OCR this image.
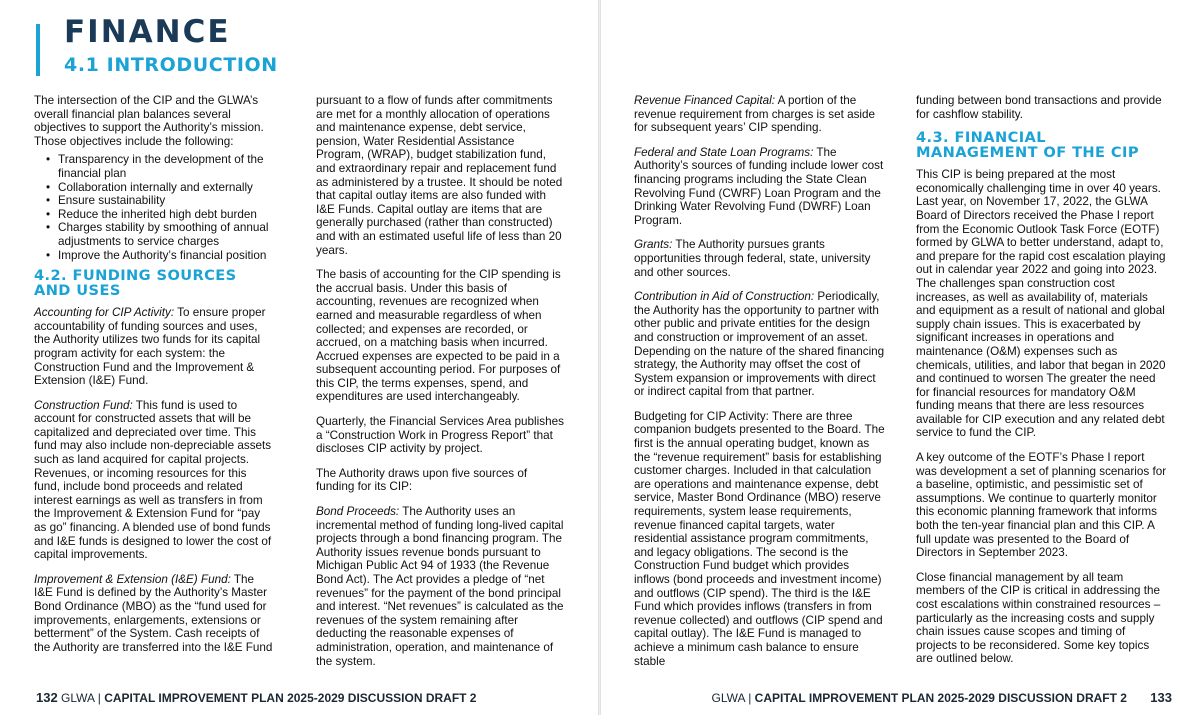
FINANCE
4.1 INTRODUCTION

The intersection of the CIP and the GLWA’s overall financial plan balances several objectives to support the Authority’s mission. Those objectives include the following:

• Transparency in the development of the financial plan
• Collaboration internally and externally
• Ensure sustainability
• Reduce the inherited high debt burden
• Charges stability by smoothing of annual adjustments to service charges
• Improve the Authority’s financial position
4.2. FUNDING SOURCES AND USES

Accounting for CIP Activity: To ensure proper accountability of funding sources and uses, the Authority utilizes two funds for its capital program activity for each system: the Construction Fund and the Improvement & Extension (I&E) Fund.

Construction Fund: This fund is used to account for constructed assets that will be capitalized and depreciated over time. This fund may also include non-depreciable assets such as land acquired for capital projects. Revenues, or incoming resources for this fund, include bond proceeds and related interest earnings as well as transfers in from the Improvement & Extension Fund for “pay as go” financing. A blended use of bond funds and I&E funds is designed to lower the cost of capital improvements.

Improvement & Extension (I&E) Fund: The I&E Fund is defined by the Authority’s Master Bond Ordinance (MBO) as the “fund used for improvements, enlargements, extensions or betterment” of the System. Cash receipts of the Authority are transferred into the I&E Fund

pursuant to a flow of funds after commitments are met for a monthly allocation of operations and maintenance expense, debt service, pension, Water Residential Assistance Program, (WRAP), budget stabilization fund, and extraordinary repair and replacement fund as administered by a trustee. It should be noted that capital outlay items are also funded with I&E Funds. Capital outlay are items that are generally purchased (rather than constructed) and with an estimated useful life of less than 20 years.

The basis of accounting for the CIP spending is the accrual basis. Under this basis of accounting, revenues are recognized when earned and measurable regardless of when collected; and expenses are recorded, or accrued, on a matching basis when incurred. Accrued expenses are expected to be paid in a subsequent accounting period. For purposes of this CIP, the terms expenses, spend, and expenditures are used interchangeably.

Quarterly, the Financial Services Area publishes a “Construction Work in Progress Report” that discloses CIP activity by project.

The Authority draws upon five sources of funding for its CIP:

Bond Proceeds: The Authority uses an incremental method of funding long-lived capital projects through a bond financing program. The Authority issues revenue bonds pursuant to Michigan Public Act 94 of 1933 (the Revenue Bond Act). The Act provides a pledge of “net revenues” for the payment of the bond principal and interest. “Net revenues” is calculated as the revenues of the system remaining after deducting the reasonable expenses of administration, operation, and maintenance of the system.

Revenue Financed Capital: A portion of the revenue requirement from charges is set aside for subsequent years’ CIP spending.

Federal and State Loan Programs: The Authority’s sources of funding include lower cost financing programs including the State Clean Revolving Fund (CWRF) Loan Program and the Drinking Water Revolving Fund (DWRF) Loan Program.

Grants: The Authority pursues grants opportunities through federal, state, university and other sources.

Contribution in Aid of Construction: Periodically, the Authority has the opportunity to partner with other public and private entities for the design and construction or improvement of an asset. Depending on the nature of the shared financing strategy, the Authority may offset the cost of System expansion or improvements with direct or indirect capital from that partner.

Budgeting for CIP Activity: There are three companion budgets presented to the Board. The first is the annual operating budget, known as the “revenue requirement” basis for establishing customer charges. Included in that calculation are operations and maintenance expense, debt service, Master Bond Ordinance (MBO) reserve requirements, system lease requirements, revenue financed capital targets, water residential assistance program commitments, and legacy obligations. The second is the Construction Fund budget which provides inflows (bond proceeds and investment income) and outflows (CIP spend). The third is the I&E Fund which provides inflows (transfers in from revenue collected) and outflows (CIP spend and capital outlay). The I&E Fund is managed to achieve a minimum cash balance to ensure stable

funding between bond transactions and provide for cashflow stability.

4.3. FINANCIAL MANAGEMENT OF THE CIP

This CIP is being prepared at the most economically challenging time in over 40 years. Last year, on November 17, 2022, the GLWA Board of Directors received the Phase I report from the Economic Outlook Task Force (EOTF) formed by GLWA to better understand, adapt to, and prepare for the rapid cost escalation playing out in calendar year 2022 and going into 2023. The challenges span construction cost increases, as well as availability of, materials and equipment as a result of national and global supply chain issues. This is exacerbated by significant increases in operations and maintenance (O&M) expenses such as chemicals, utilities, and labor that began in 2020 and continued to worsen The greater the need for financial resources for mandatory O&M funding means that there are less resources available for CIP execution and any related debt service to fund the CIP.

A key outcome of the EOTF’s Phase I report was development a set of planning scenarios for a baseline, optimistic, and pessimistic set of assumptions. We continue to quarterly monitor this economic planning framework that informs both the ten-year financial plan and this CIP. A full update was presented to the Board of Directors in September 2023.

Close financial management by all team members of the CIP is critical in addressing the cost escalations within constrained resources – particularly as the increasing costs and supply chain issues cause scopes and timing of projects to be reconsidered. Some key topics are outlined below.

132 GLWA | CAPITAL IMPROVEMENT PLAN 2025-2029 DISCUSSION DRAFT 2	GLWA | CAPITAL IMPROVEMENT PLAN 2025-2029 DISCUSSION DRAFT 2 133
